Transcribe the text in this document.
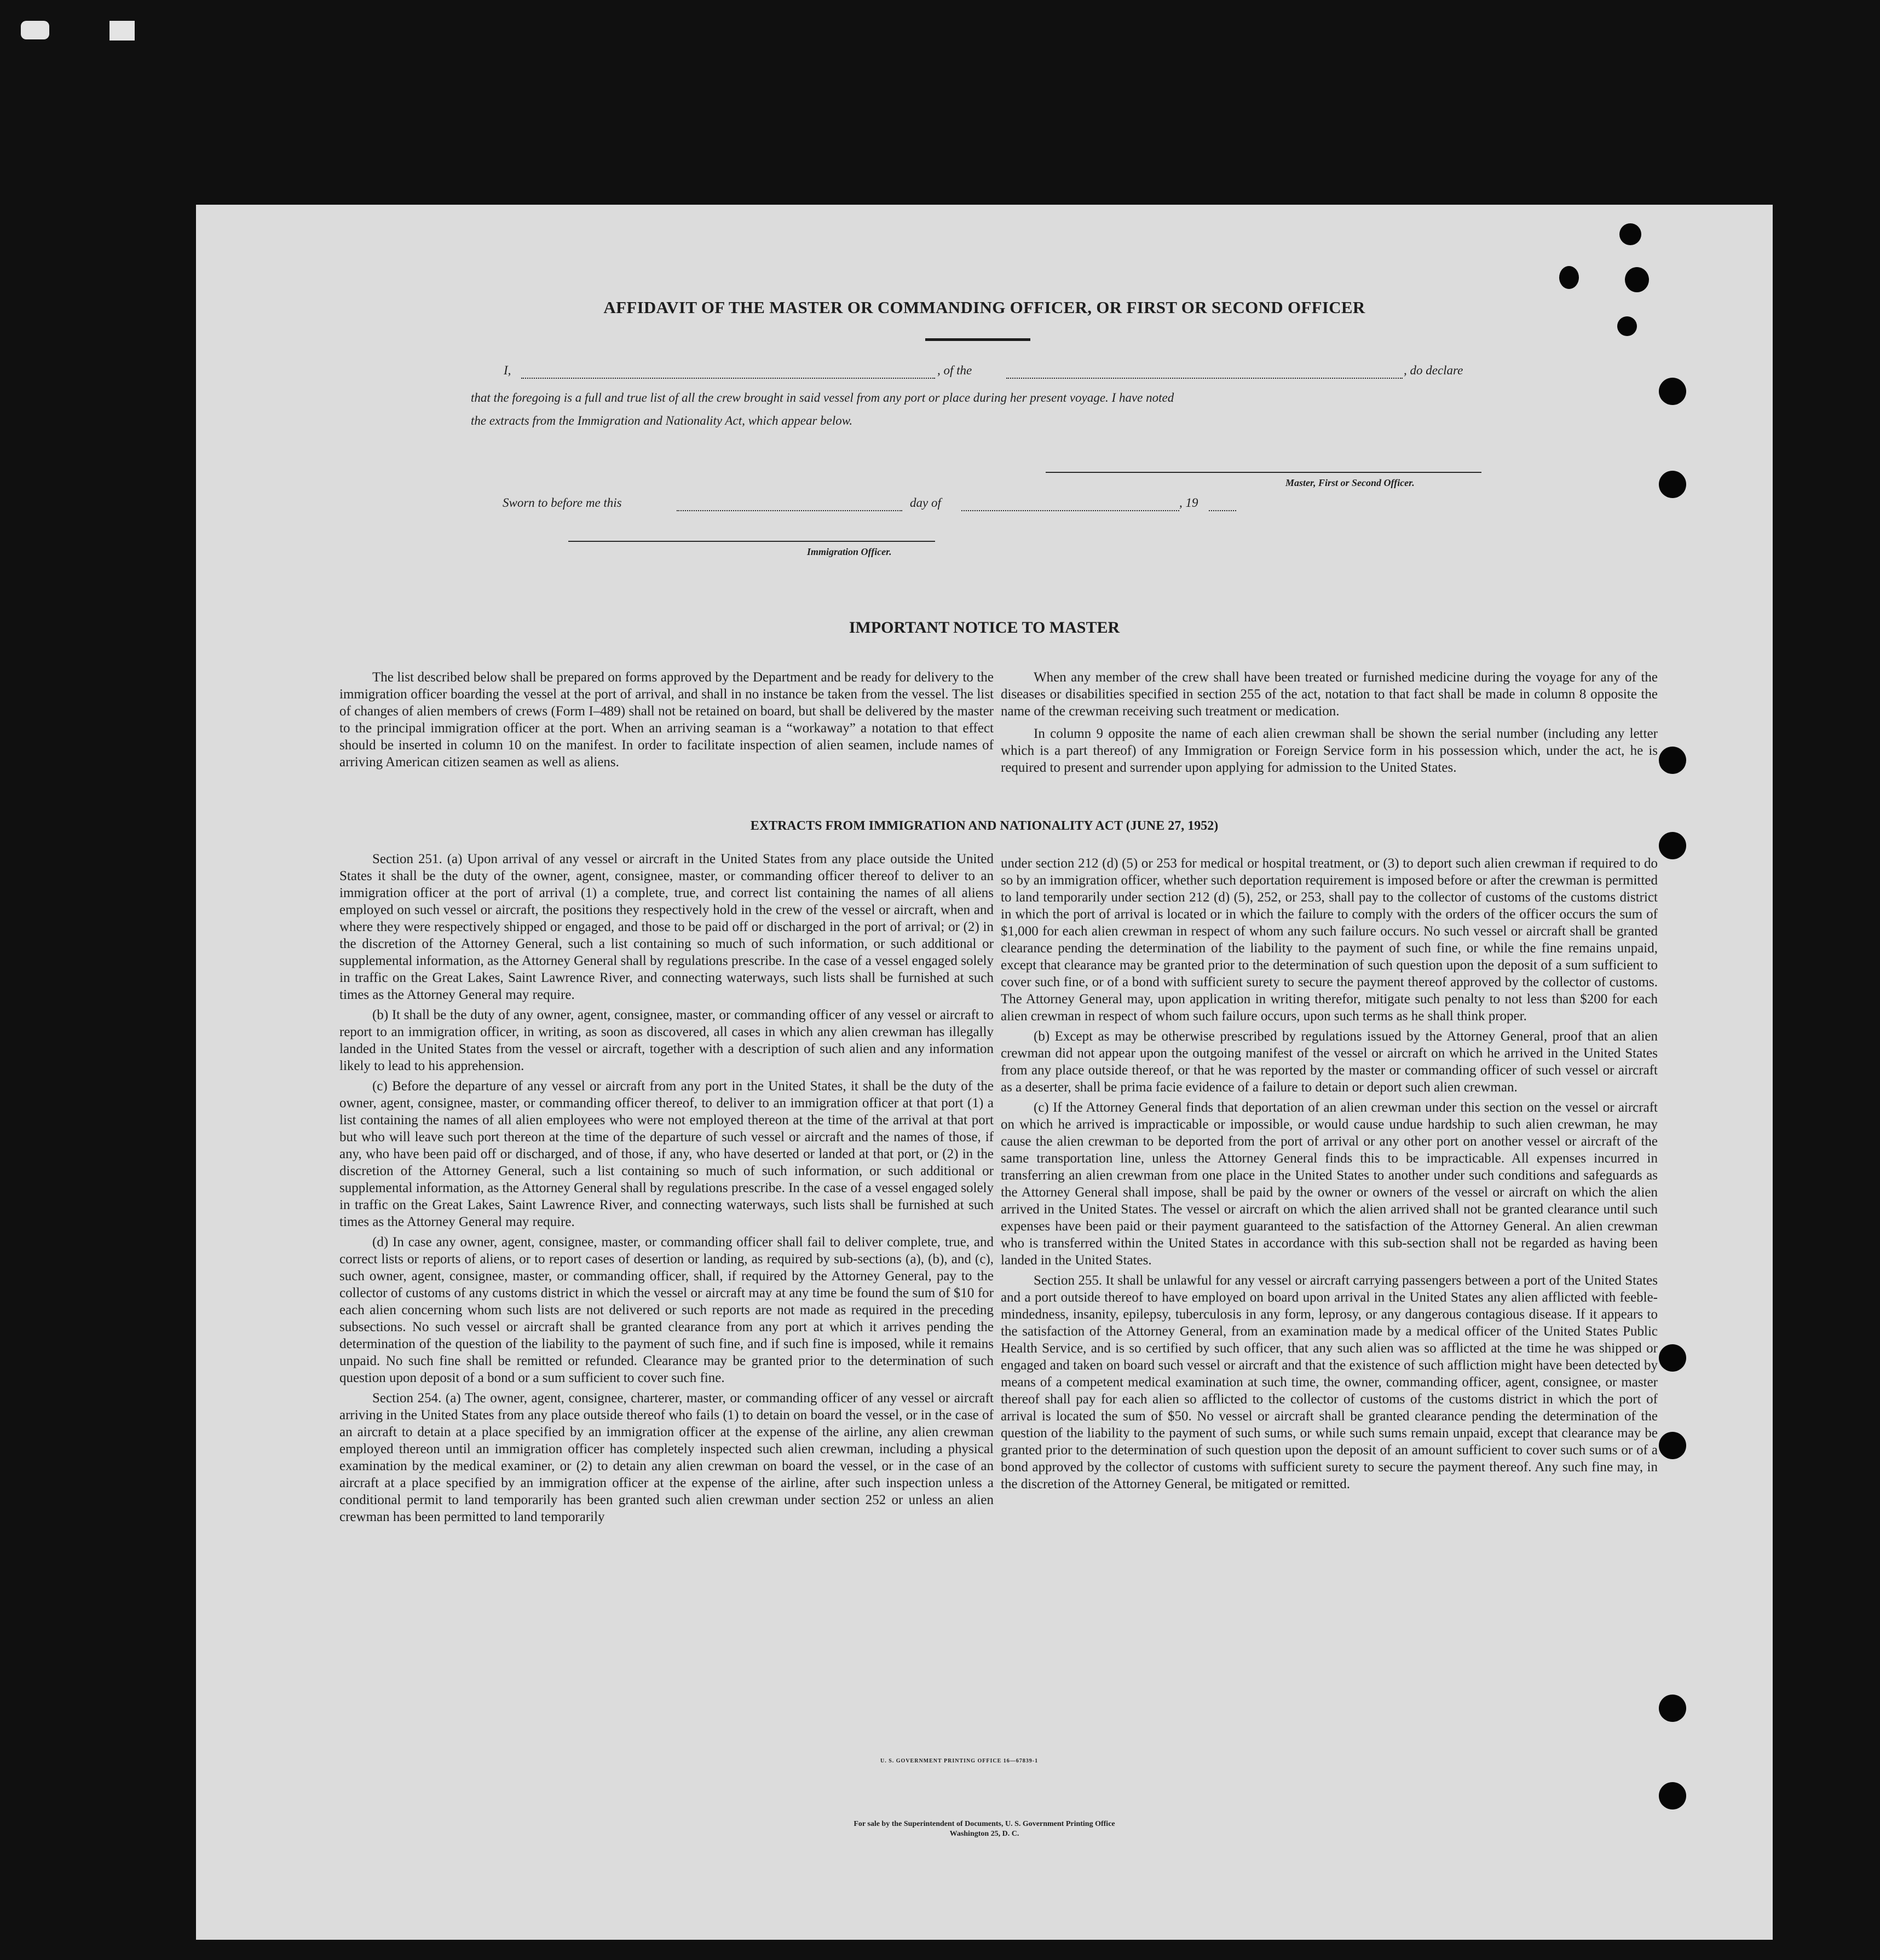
AFFIDAVIT OF THE MASTER OR COMMANDING OFFICER, OR FIRST OR SECOND OFFICER
I,	, of the	, do declare
that the foregoing is a full and true list of all the crew brought in said vessel from any port or place during her present voyage. I have noted
the extracts from the Immigration and Nationality Act, which appear below.
Master, First or Second Officer.
Sworn to before me this	day of	, 19
Immigration Officer.
IMPORTANT NOTICE TO MASTER

The list described below shall be prepared on forms approved by the Department and be ready for delivery to the immigration officer boarding the vessel at the port of arrival, and shall in no instance be taken from the vessel. The list of changes of alien members of crews (Form I–489) shall not be retained on board, but shall be delivered by the master to the principal immigration officer at the port. When an arriving seaman is a “workaway” a notation to that effect should be inserted in column 10 on the manifest. In order to facilitate inspection of alien seamen, include names of arriving American citizen seamen as well as aliens.

When any member of the crew shall have been treated or furnished medicine during the voyage for any of the diseases or disabilities specified in section 255 of the act, notation to that fact shall be made in column 8 opposite the name of the crewman receiving such treatment or medication.

In column 9 opposite the name of each alien crewman shall be shown the serial number (including any letter which is a part thereof) of any Immigration or Foreign Service form in his possession which, under the act, he is required to present and surrender upon applying for admission to the United States.

EXTRACTS FROM IMMIGRATION AND NATIONALITY ACT (JUNE 27, 1952)

Section 251. (a) Upon arrival of any vessel or aircraft in the United States from any place outside the United States it shall be the duty of the owner, agent, consignee, master, or commanding officer thereof to deliver to an immigration officer at the port of arrival (1) a complete, true, and correct list containing the names of all aliens employed on such vessel or aircraft, the positions they respectively hold in the crew of the vessel or aircraft, when and where they were respectively shipped or engaged, and those to be paid off or discharged in the port of arrival; or (2) in the discretion of the Attorney General, such a list containing so much of such information, or such additional or supplemental information, as the Attorney General shall by regulations prescribe. In the case of a vessel engaged solely in traffic on the Great Lakes, Saint Lawrence River, and connecting waterways, such lists shall be furnished at such times as the Attorney General may require.

(b) It shall be the duty of any owner, agent, consignee, master, or commanding officer of any vessel or aircraft to report to an immigration officer, in writing, as soon as discovered, all cases in which any alien crewman has illegally landed in the United States from the vessel or aircraft, together with a description of such alien and any information likely to lead to his apprehension.

(c) Before the departure of any vessel or aircraft from any port in the United States, it shall be the duty of the owner, agent, consignee, master, or commanding officer thereof, to deliver to an immigration officer at that port (1) a list containing the names of all alien employees who were not employed thereon at the time of the arrival at that port but who will leave such port thereon at the time of the departure of such vessel or aircraft and the names of those, if any, who have been paid off or discharged, and of those, if any, who have deserted or landed at that port, or (2) in the discretion of the Attorney General, such a list containing so much of such information, or such additional or supplemental information, as the Attorney General shall by regulations prescribe. In the case of a vessel engaged solely in traffic on the Great Lakes, Saint Lawrence River, and connecting waterways, such lists shall be furnished at such times as the Attorney General may require.

(d) In case any owner, agent, consignee, master, or commanding officer shall fail to deliver complete, true, and correct lists or reports of aliens, or to report cases of desertion or landing, as required by sub-sections (a), (b), and (c), such owner, agent, consignee, master, or commanding officer, shall, if required by the Attorney General, pay to the collector of customs of any customs district in which the vessel or aircraft may at any time be found the sum of $10 for each alien concerning whom such lists are not delivered or such reports are not made as required in the preceding subsections. No such vessel or aircraft shall be granted clearance from any port at which it arrives pending the determination of the question of the liability to the payment of such fine, and if such fine is imposed, while it remains unpaid. No such fine shall be remitted or refunded. Clearance may be granted prior to the determination of such question upon deposit of a bond or a sum sufficient to cover such fine.

Section 254. (a) The owner, agent, consignee, charterer, master, or commanding officer of any vessel or aircraft arriving in the United States from any place outside thereof who fails (1) to detain on board the vessel, or in the case of an aircraft to detain at a place specified by an immigration officer at the expense of the airline, any alien crewman employed thereon until an immigration officer has completely inspected such alien crewman, including a physical examination by the medical examiner, or (2) to detain any alien crewman on board the vessel, or in the case of an aircraft at a place specified by an immigration officer at the expense of the airline, after such inspection unless a conditional permit to land temporarily has been granted such alien crewman under section 252 or unless an alien crewman has been permitted to land temporarily

under section 212 (d) (5) or 253 for medical or hospital treatment, or (3) to deport such alien crewman if required to do so by an immigration officer, whether such deportation requirement is imposed before or after the crewman is permitted to land temporarily under section 212 (d) (5), 252, or 253, shall pay to the collector of customs of the customs district in which the port of arrival is located or in which the failure to comply with the orders of the officer occurs the sum of $1,000 for each alien crewman in respect of whom any such failure occurs. No such vessel or aircraft shall be granted clearance pending the determination of the liability to the payment of such fine, or while the fine remains unpaid, except that clearance may be granted prior to the determination of such question upon the deposit of a sum sufficient to cover such fine, or of a bond with sufficient surety to secure the payment thereof approved by the collector of customs. The Attorney General may, upon application in writing therefor, mitigate such penalty to not less than $200 for each alien crewman in respect of whom such failure occurs, upon such terms as he shall think proper.

(b) Except as may be otherwise prescribed by regulations issued by the Attorney General, proof that an alien crewman did not appear upon the outgoing manifest of the vessel or aircraft on which he arrived in the United States from any place outside thereof, or that he was reported by the master or commanding officer of such vessel or aircraft as a deserter, shall be prima facie evidence of a failure to detain or deport such alien crewman.

(c) If the Attorney General finds that deportation of an alien crewman under this section on the vessel or aircraft on which he arrived is impracticable or impossible, or would cause undue hardship to such alien crewman, he may cause the alien crewman to be deported from the port of arrival or any other port on another vessel or aircraft of the same transportation line, unless the Attorney General finds this to be impracticable. All expenses incurred in transferring an alien crewman from one place in the United States to another under such conditions and safeguards as the Attorney General shall impose, shall be paid by the owner or owners of the vessel or aircraft on which the alien arrived in the United States. The vessel or aircraft on which the alien arrived shall not be granted clearance until such expenses have been paid or their payment guaranteed to the satisfaction of the Attorney General. An alien crewman who is transferred within the United States in accordance with this sub-section shall not be regarded as having been landed in the United States.

Section 255. It shall be unlawful for any vessel or aircraft carrying passengers between a port of the United States and a port outside thereof to have employed on board upon arrival in the United States any alien afflicted with feeble-mindedness, insanity, epilepsy, tuberculosis in any form, leprosy, or any dangerous contagious disease. If it appears to the satisfaction of the Attorney General, from an examination made by a medical officer of the United States Public Health Service, and is so certified by such officer, that any such alien was so afflicted at the time he was shipped or engaged and taken on board such vessel or aircraft and that the existence of such affliction might have been detected by means of a competent medical examination at such time, the owner, commanding officer, agent, consignee, or master thereof shall pay for each alien so afflicted to the collector of customs of the customs district in which the port of arrival is located the sum of $50. No vessel or aircraft shall be granted clearance pending the determination of the question of the liability to the payment of such sums, or while such sums remain unpaid, except that clearance may be granted prior to the determination of such question upon the deposit of an amount sufficient to cover such sums or of a bond approved by the collector of customs with sufficient surety to secure the payment thereof. Any such fine may, in the discretion of the Attorney General, be mitigated or remitted.

U. S. GOVERNMENT PRINTING OFFICE 16—67839-1
For sale by the Superintendent of Documents, U. S. Government Printing Office
Washington 25, D. C.
